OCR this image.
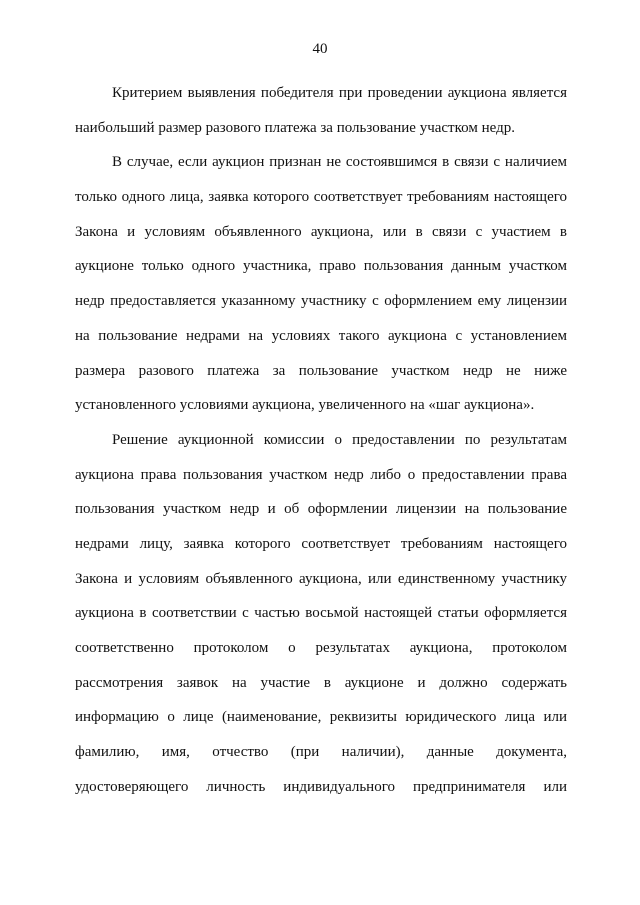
40
Критерием выявления победителя при проведении аукциона является
наибольший размер разового платежа за пользование участком недр.
В случае, если аукцион признан не состоявшимся в связи с наличием
только одного лица, заявка которого соответствует требованиям настоящего
Закона и условиям объявленного аукциона, или в связи с участием в
аукционе только одного участника, право пользования данным участком
недр предоставляется указанному участнику с оформлением ему лицензии
на пользование недрами на условиях такого аукциона с установлением
размера разового платежа за пользование участком недр не ниже
установленного условиями аукциона, увеличенного на «шаг аукциона».
Решение аукционной комиссии о предоставлении по результатам
аукциона права пользования участком недр либо о предоставлении права
пользования участком недр и об оформлении лицензии на пользование
недрами лицу, заявка которого соответствует требованиям настоящего
Закона и условиям объявленного аукциона, или единственному участнику
аукциона в соответствии с частью восьмой настоящей статьи оформляется
соответственно протоколом о результатах аукциона, протоколом
рассмотрения заявок на участие в аукционе и должно содержать
информацию о лице (наименование, реквизиты юридического лица или
фамилию, имя, отчество (при наличии), данные документа,
удостоверяющего личность индивидуального предпринимателя или
